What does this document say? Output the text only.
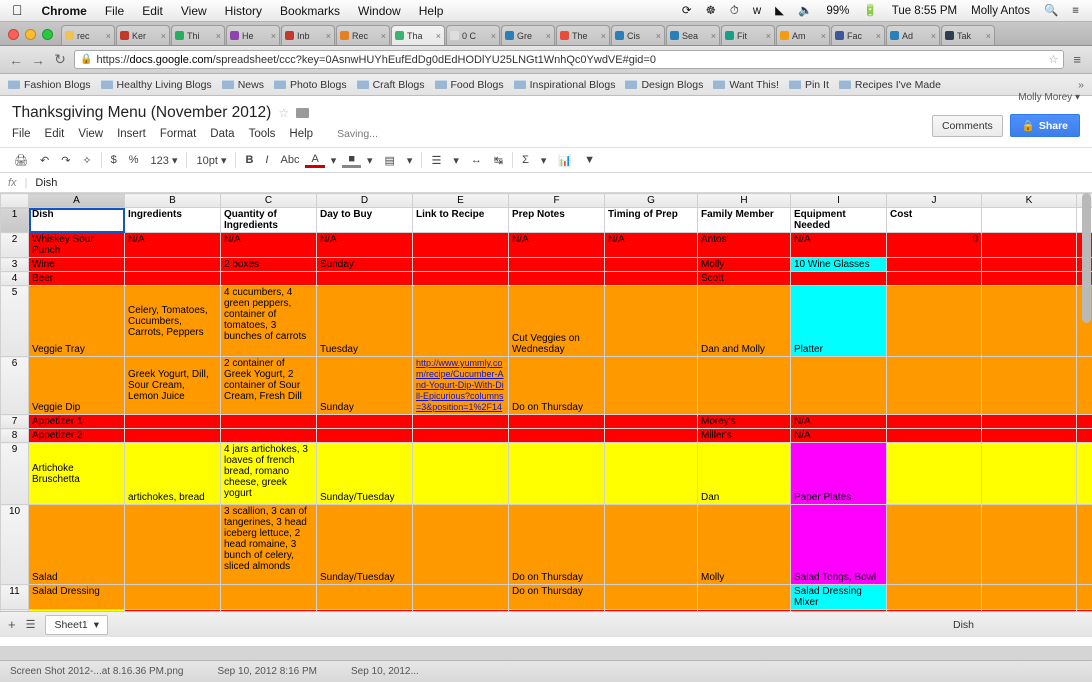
Chrome	File	Edit	View	History	Bookmarks	Window	Help	⟳	☸	⏱	w	◣	🔈	99%	🔋	Tue 8:55 PM	Molly Antos	🔍	≡
rec	× Ker	× Thi	× He	× Inb	× Rec	× Tha	× 0 C	× Gre	× The	× Cis	× Sea	× Fit	× Am	× Fac	× Ad	× Tak	×
← → ↻ 🔒 https://docs.google.com/spreadsheet/ccc?key=0AsnwHUYhEufEdDg0dEdHODlYU25LNGt1WnhQc0YwdVE#gid=0	☆ ≡
Fashion Blogs Healthy Living Blogs News Photo Blogs Craft Blogs Food Blogs Inspirational Blogs Design Blogs Want This! Pin It Recipes I've Made	»
Molly Morey ▾
Thanksgiving Menu (November 2012) ☆
File Edit View Insert Format Data Tools Help Saving...
Comments	🔒 Share
🖨	↶	↷	✧	$	%	123 ▾	10pt ▾	B	I	Abc	A	▾	■	▾	▤	▾	☰	▾	↔	↹	Σ	▾	📊	▼
fx | Dish
	A	B	C	D	E	F	G	H	I	J	K	
1	Dish	Ingredients	Quantity of Ingredients	Day to Buy	Link to Recipe	Prep Notes	Timing of Prep	Family Member	Equipment Needed	Cost		
2	Whiskey Sour Punch	N/A	N/A	N/A		N/A	N/A	Antos'	N/A	0		
3	Wine		2 boxes	Sunday				Molly	10 Wine Glasses			
4	Beer							Scott				
5	Veggie Tray	Celery, Tomatoes, Cucumbers, Carrots, Peppers	4 cucumbers, 4 green peppers, container of tomatoes, 3 bunches of carrots	Tuesday		Cut Veggies on Wednesday		Dan and Molly	Platter			
6	Veggie Dip	Greek Yogurt, Dill, Sour Cream, Lemon Juice	2 container of Greek Yogurt, 2 container of Sour Cream, Fresh Dill	Sunday	http://www.yummly.com/recipe/Cucumber-And-Yogurt-Dip-With-Dill-Epicurious?columns=3&position=1%2F14	Do on Thursday						
7	Appetizer 1							Morey's	N/A			
8	Appetizer 2							Miller's	N/A			
9	Artichoke Bruschetta	artichokes, bread	4 jars artichokes, 3 loaves of french bread, romano cheese, greek yogurt	Sunday/Tuesday				Dan	Paper Plates			
10	Salad		3 scallion, 3 can of tangerines, 3 head iceberg lettuce, 2 head romaine, 3 bunch of celery, sliced almonds	Sunday/Tuesday		Do on Thursday		Molly	Salad Tongs, Bowl			
11	Salad Dressing					Do on Thursday			Salad Dressing Mixer			

+ ☰ Sheet1 ▾	Dish
Screen Shot 2012-...at 8.16.36 PM.png	Sep 10, 2012 8:16 PM	Sep 10, 2012...
